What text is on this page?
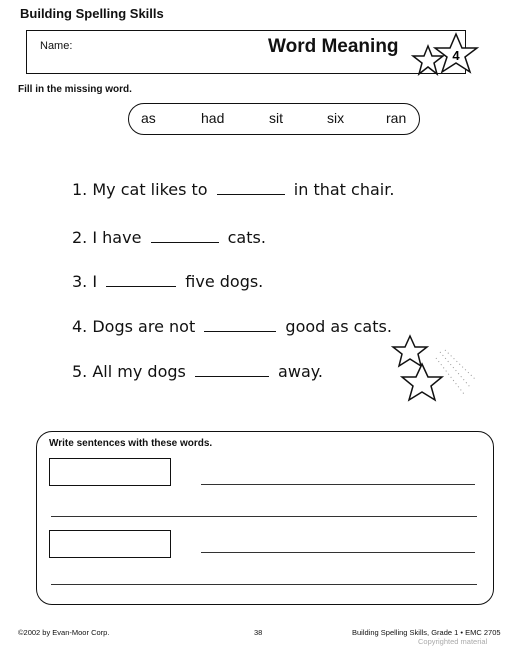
Building Spelling Skills
Name:	Word Meaning	4
Fill in the missing word.
as	had	sit	six	ran
1. My cat likes to	in that chair.
2. I have	cats.
3. I	five dogs.
4. Dogs are not	good as cats.
5. All my dogs	away.
Write sentences with these words.
©2002 by Evan-Moor Corp.	38	Building Spelling Skills, Grade 1 • EMC 2705
Copyrighted material
